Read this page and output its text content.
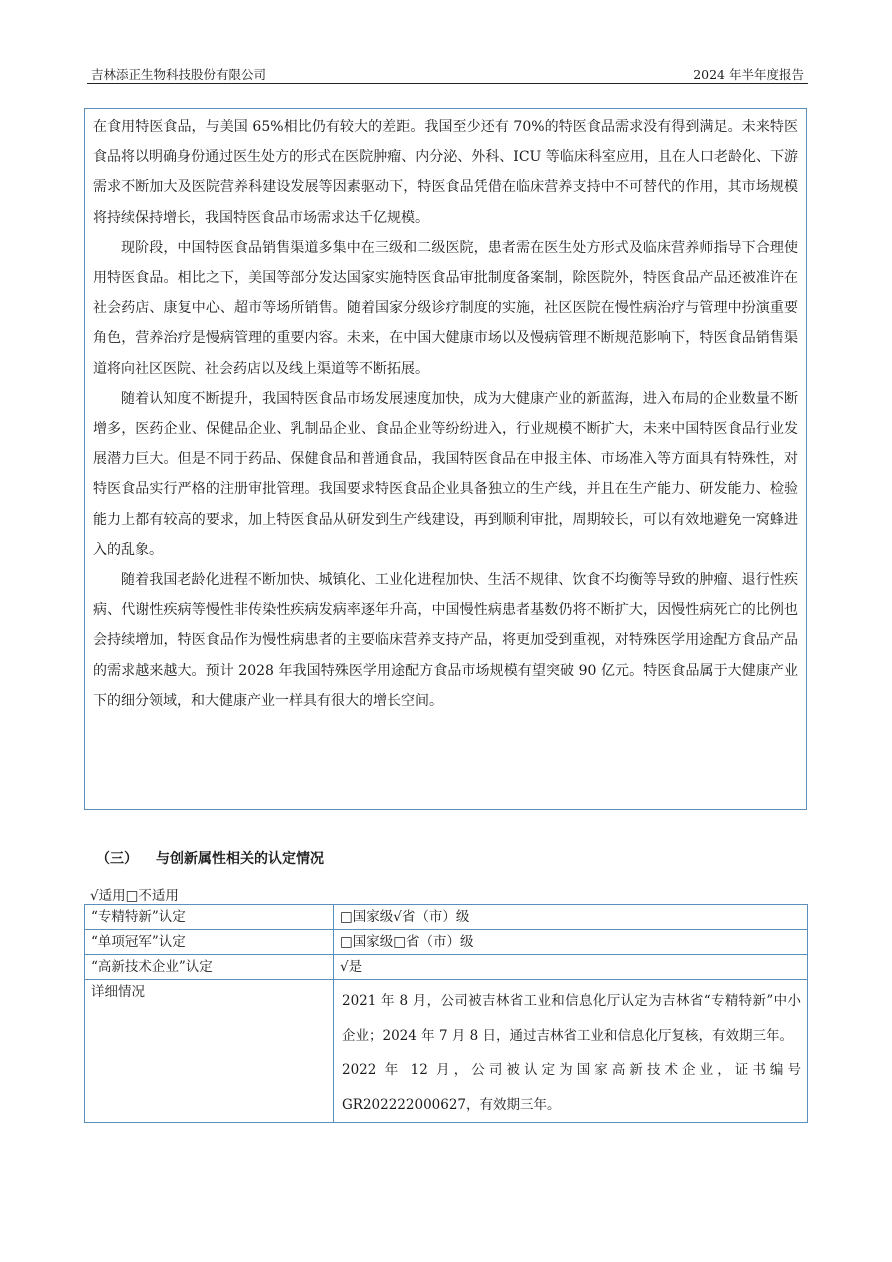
吉林添正生物科技股份有限公司	2024 年半年度报告

在食用特医食品，与美国 65%相比仍有较大的差距。我国至少还有 70%的特医食品需求没有得到满足。未来特医食品将以明确身份通过医生处方的形式在医院肿瘤、内分泌、外科、ICU 等临床科室应用，且在人口老龄化、下游需求不断加大及医院营养科建设发展等因素驱动下，特医食品凭借在临床营养支持中不可替代的作用，其市场规模将持续保持增长，我国特医食品市场需求达千亿规模。

现阶段，中国特医食品销售渠道多集中在三级和二级医院，患者需在医生处方形式及临床营养师指导下合理使用特医食品。相比之下，美国等部分发达国家实施特医食品审批制度备案制，除医院外，特医食品产品还被准许在社会药店、康复中心、超市等场所销售。随着国家分级诊疗制度的实施，社区医院在慢性病治疗与管理中扮演重要角色，营养治疗是慢病管理的重要内容。未来，在中国大健康市场以及慢病管理不断规范影响下，特医食品销售渠道将向社区医院、社会药店以及线上渠道等不断拓展。

随着认知度不断提升，我国特医食品市场发展速度加快，成为大健康产业的新蓝海，进入布局的企业数量不断增多，医药企业、保健品企业、乳制品企业、食品企业等纷纷进入，行业规模不断扩大，未来中国特医食品行业发展潜力巨大。但是不同于药品、保健食品和普通食品，我国特医食品在申报主体、市场准入等方面具有特殊性，对特医食品实行严格的注册审批管理。我国要求特医食品企业具备独立的生产线，并且在生产能力、研发能力、检验能力上都有较高的要求，加上特医食品从研发到生产线建设，再到顺利审批，周期较长，可以有效地避免一窝蜂进入的乱象。

随着我国老龄化进程不断加快、城镇化、工业化进程加快、生活不规律、饮食不均衡等导致的肿瘤、退行性疾病、代谢性疾病等慢性非传染性疾病发病率逐年升高，中国慢性病患者基数仍将不断扩大，因慢性病死亡的比例也会持续增加，特医食品作为慢性病患者的主要临床营养支持产品，将更加受到重视，对特殊医学用途配方食品产品的需求越来越大。预计 2028 年我国特殊医学用途配方食品市场规模有望突破 90 亿元。特医食品属于大健康产业下的细分领域，和大健康产业一样具有很大的增长空间。

（三） 与创新属性相关的认定情况
√适用□不适用
“专精特新”认定	□国家级√省（市）级
“单项冠军”认定	□国家级□省（市）级
“高新技术企业”认定	√是
详细情况	2021 年 8 月，公司被吉林省工业和信息化厅认定为吉林省“专精特新”中小企业；2024 年 7 月 8 日，通过吉林省工业和信息化厅复核，有效期三年。

2022 年 12 月，公司被认定为国家高新技术企业，证书编号 GR202222000627，有效期三年。
